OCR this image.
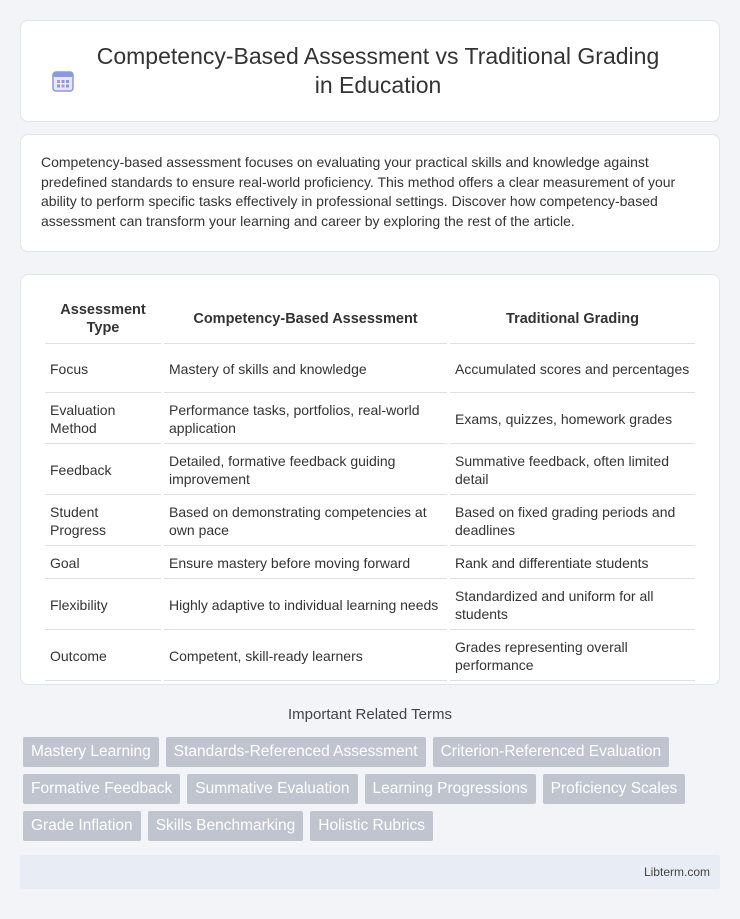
Competency-Based Assessment vs Traditional Grading in Education

Competency-based assessment focuses on evaluating your practical skills and knowledge against predefined standards to ensure real-world proficiency. This method offers a clear measurement of your ability to perform specific tasks effectively in professional settings. Discover how competency-based assessment can transform your learning and career by exploring the rest of the article.

Assessment Type	Competency-Based Assessment	Traditional Grading
Focus	Mastery of skills and knowledge	Accumulated scores and percentages
Evaluation Method	Performance tasks, portfolios, real-world application	Exams, quizzes, homework grades
Feedback	Detailed, formative feedback guiding improvement	Summative feedback, often limited detail
Student Progress	Based on demonstrating competencies at own pace	Based on fixed grading periods and deadlines
Goal	Ensure mastery before moving forward	Rank and differentiate students
Flexibility	Highly adaptive to individual learning needs	Standardized and uniform for all students
Outcome	Competent, skill-ready learners	Grades representing overall performance
Important Related Terms
Mastery Learning	Standards-Referenced Assessment	Criterion-Referenced Evaluation
Formative Feedback	Summative Evaluation	Learning Progressions	Proficiency Scales
Grade Inflation	Skills Benchmarking	Holistic Rubrics
Libterm.com
